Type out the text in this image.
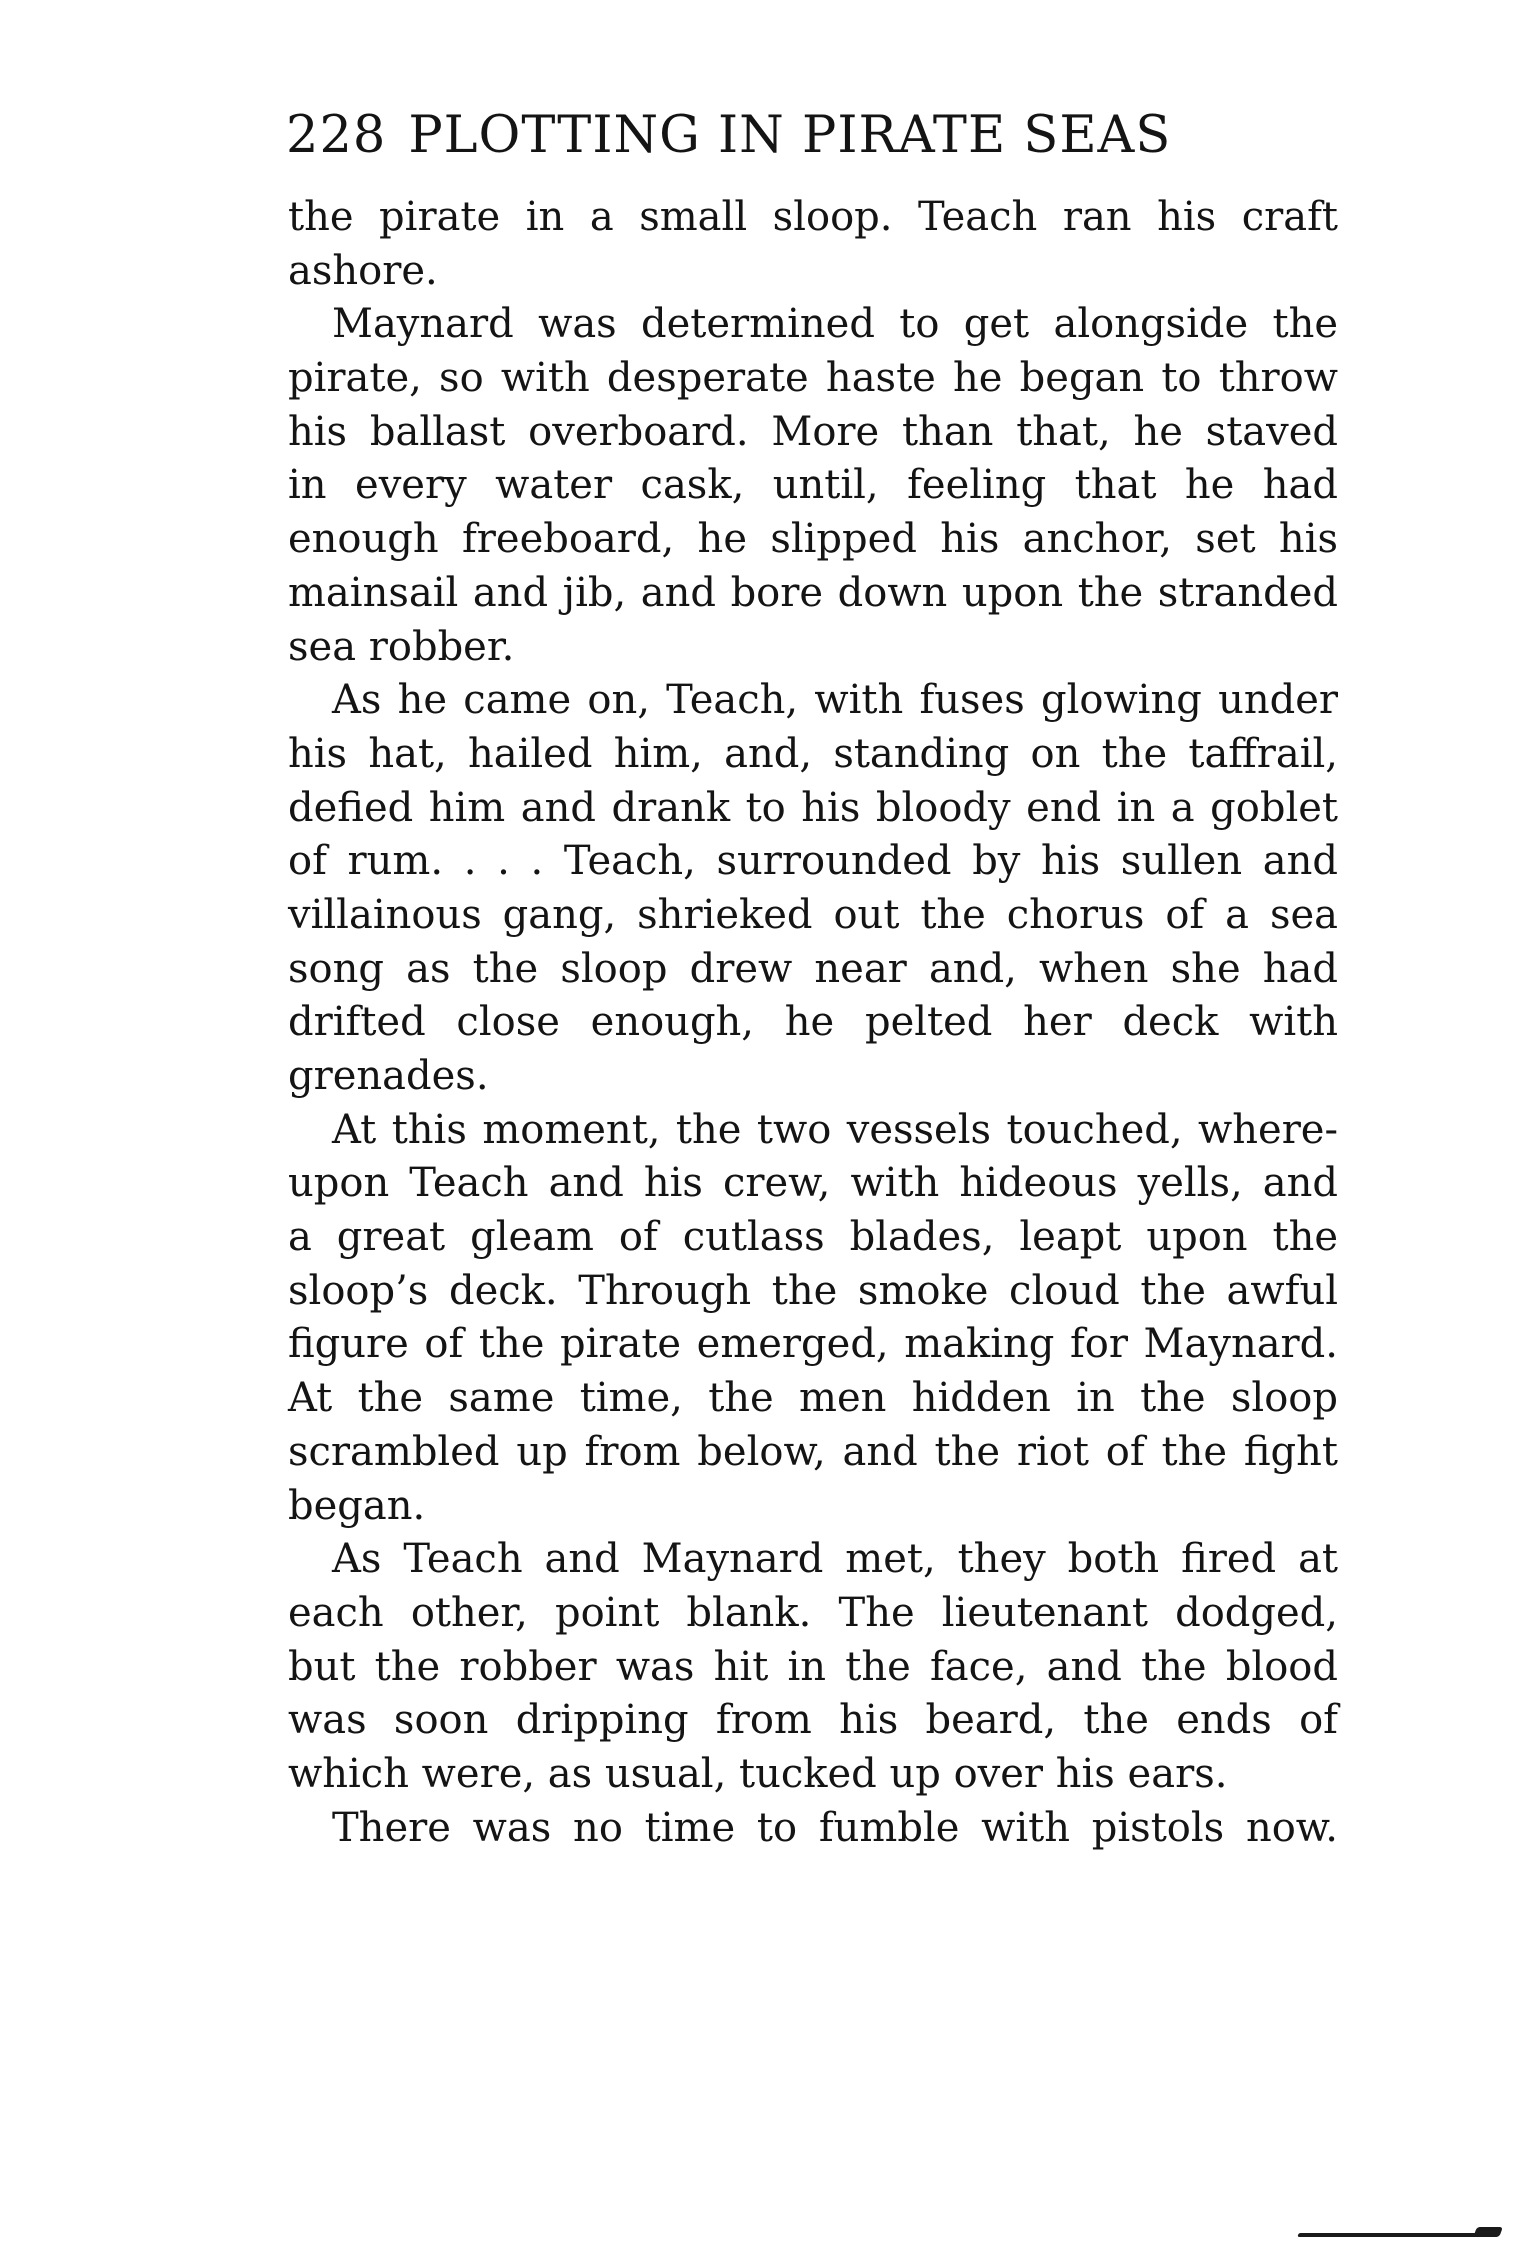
228 PLOTTING IN PIRATE SEAS
the pirate in a small sloop. Teach ran his craft
ashore.
Maynard was determined to get alongside the
pirate, so with desperate haste he began to throw
his ballast overboard. More than that, he staved
in every water cask, until, feeling that he had
enough freeboard, he slipped his anchor, set his
mainsail and jib, and bore down upon the stranded
sea robber.
As he came on, Teach, with fuses glowing under
his hat, hailed him, and, standing on the taffrail,
defied him and drank to his bloody end in a goblet
of rum. . . . Teach, surrounded by his sullen and
villainous gang, shrieked out the chorus of a sea
song as the sloop drew near and, when she had
drifted close enough, he pelted her deck with
grenades.
At this moment, the two vessels touched, where-
upon Teach and his crew, with hideous yells, and
a great gleam of cutlass blades, leapt upon the
sloop’s deck. Through the smoke cloud the awful
figure of the pirate emerged, making for Maynard.
At the same time, the men hidden in the sloop
scrambled up from below, and the riot of the fight
began.
As Teach and Maynard met, they both fired at
each other, point blank. The lieutenant dodged,
but the robber was hit in the face, and the blood
was soon dripping from his beard, the ends of
which were, as usual, tucked up over his ears.
There was no time to fumble with pistols now.
